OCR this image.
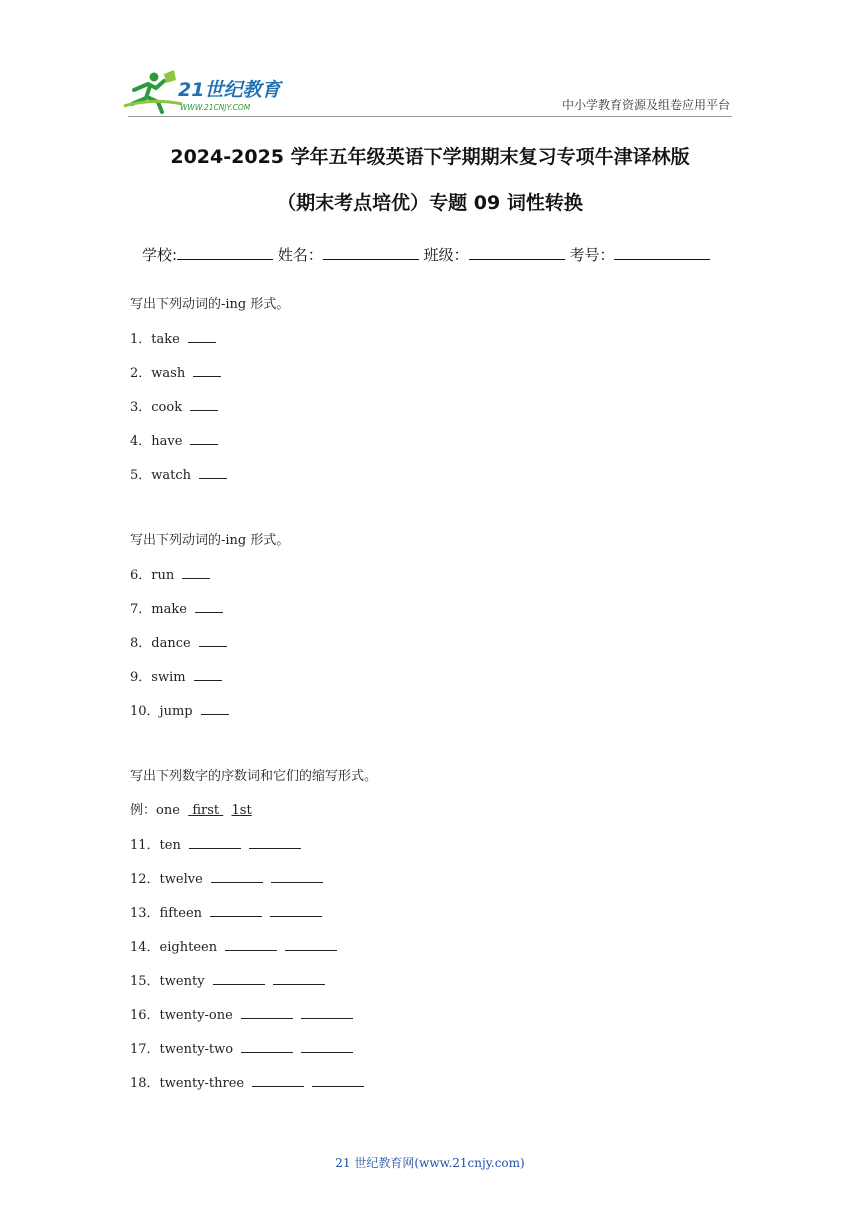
21世纪教育
WWW.21CNJY.COM	中小学教育资源及组卷应用平台
2024-2025 学年五年级英语下学期期末复习专项牛津译林版
（期末考点培优）专题 09 词性转换
学校:	姓名：	班级：	考号：
写出下列动词的-ing 形式。
1．take
2．wash
3．cook
4．have
5．watch
写出下列动词的-ing 形式。
6．run
7．make
8．dance
9．swim
10．jump
写出下列数字的序数词和它们的缩写形式。
例：one first 1st
11．ten
12．twelve
13．fifteen
14．eighteen
15．twenty
16．twenty-one
17．twenty-two
18．twenty-three
21 世纪教育网(www.21cnjy.com)
